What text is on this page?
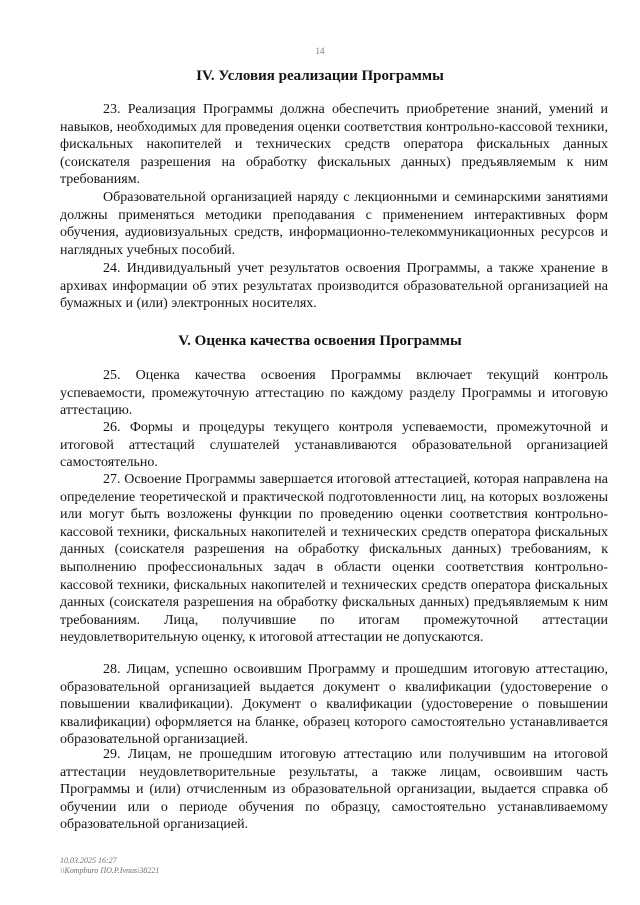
14
IV. Условия реализации Программы

23. Реализация Программы должна обеспечить приобретение знаний, умений и навыков, необходимых для проведения оценки соответствия контрольно-кассовой техники, фискальных накопителей и технических средств оператора фискальных данных (соискателя разрешения на обработку фискальных данных) предъявляемым к ним требованиям.

Образовательной организацией наряду с лекционными и семинарскими занятиями должны применяться методики преподавания с применением интерактивных форм обучения, аудиовизуальных средств, информационно-телекоммуникационных ресурсов и наглядных учебных пособий.

24. Индивидуальный учет результатов освоения Программы, а также хранение в архивах информации об этих результатах производится образовательной организацией на бумажных и (или) электронных носителях.

V. Оценка качества освоения Программы

25. Оценка качества освоения Программы включает текущий контроль успеваемости, промежуточную аттестацию по каждому разделу Программы и итоговую аттестацию.

26. Формы и процедуры текущего контроля успеваемости, промежуточной и итоговой аттестаций слушателей устанавливаются образовательной организацией самостоятельно.

27. Освоение Программы завершается итоговой аттестацией, которая направлена на определение теоретической и практической подготовленности лиц, на которых возложены или могут быть возложены функции по проведению оценки соответствия контрольно-кассовой техники, фискальных накопителей и технических средств оператора фискальных данных (соискателя разрешения на обработку фискальных данных) требованиям, к выполнению профессиональных задач в области оценки соответствия контрольно-кассовой техники, фискальных накопителей и технических средств оператора фискальных данных (соискателя разрешения на обработку фискальных данных) предъявляемым к ним требованиям. Лица, получившие по итогам промежуточной аттестации неудовлетворительную оценку, к итоговой аттестации не допускаются.

28. Лицам, успешно освоившим Программу и прошедшим итоговую аттестацию, образовательной организацией выдается документ о квалификации (удостоверение о повышении квалификации). Документ о квалификации (удостоверение о повышении квалификации) оформляется на бланке, образец которого самостоятельно устанавливается образовательной организацией.

29. Лицам, не прошедшим итоговую аттестацию или получившим на итоговой аттестации неудовлетворительные результаты, а также лицам, освоившим часть Программы и (или) отчисленным из образовательной организации, выдается справка об обучении или о периоде обучения по образцу, самостоятельно устанавливаемому образовательной организацией.

10.03.2025 16:27

\\Kompburo ПО.P.Ivnus\38221
